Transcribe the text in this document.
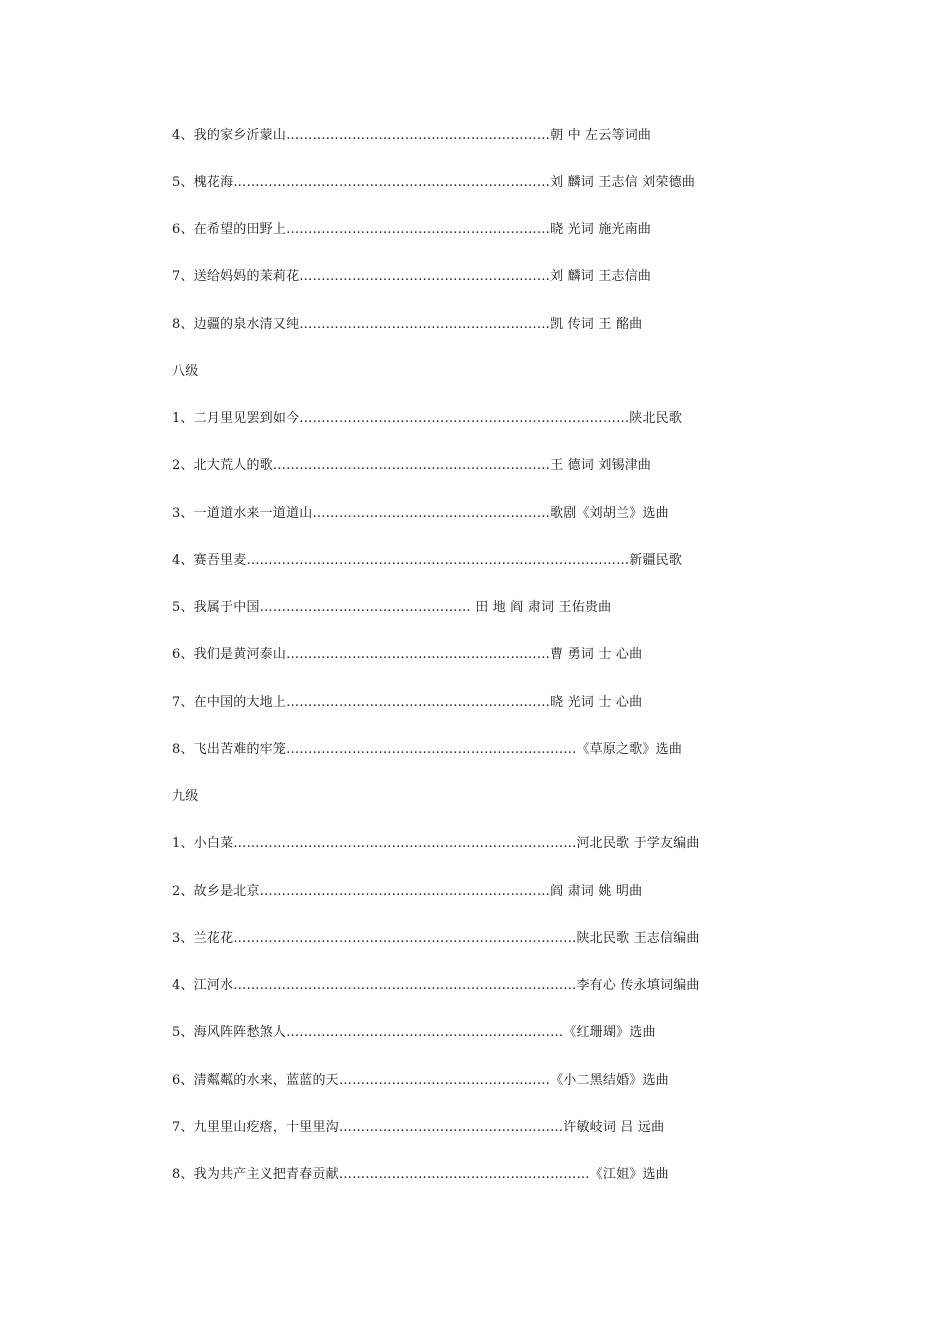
4、我的家乡沂蒙山……………………………………………………朝 中 左云等词曲
5、槐花海………………………………………………………………刘 麟词 王志信 刘荣德曲
6、在希望的田野上……………………………………………………晓 光词 施光南曲
7、送给妈妈的茉莉花…………………………………………………刘 麟词 王志信曲
8、边疆的泉水清又纯…………………………………………………凯 传词 王 酩曲
八级
1、二月里见罢到如今…………………………………………………………………陕北民歌
2、北大荒人的歌………………………………………………………王 德词 刘锡津曲
3、一道道水来一道道山………………………………………………歌剧《刘胡兰》选曲
4、赛吾里麦……………………………………………………………………………新疆民歌
5、我属于中国………………………………………… 田 地 阎 肃词 王佑贵曲
6、我们是黄河泰山……………………………………………………曹 勇词 士 心曲
7、在中国的大地上……………………………………………………晓 光词 士 心曲
8、飞出苦难的牢笼…………………………………………………………《草原之歌》选曲
九级
1、小白菜……………………………………………………………………河北民歌 于学友编曲
2、故乡是北京…………………………………………………………阎 肃词 姚 明曲
3、兰花花……………………………………………………………………陕北民歌 王志信编曲
4、江河水……………………………………………………………………李有心 传永填词编曲
5、海风阵阵愁煞人………………………………………………………《红珊瑚》选曲
6、清粼粼的水来，蓝蓝的天…………………………………………《小二黑结婚》选曲
7、九里里山疙瘩，十里里沟……………………………………………许敏岐词 吕 远曲
8、我为共产主义把青春贡献…………………………………………………《江姐》选曲
